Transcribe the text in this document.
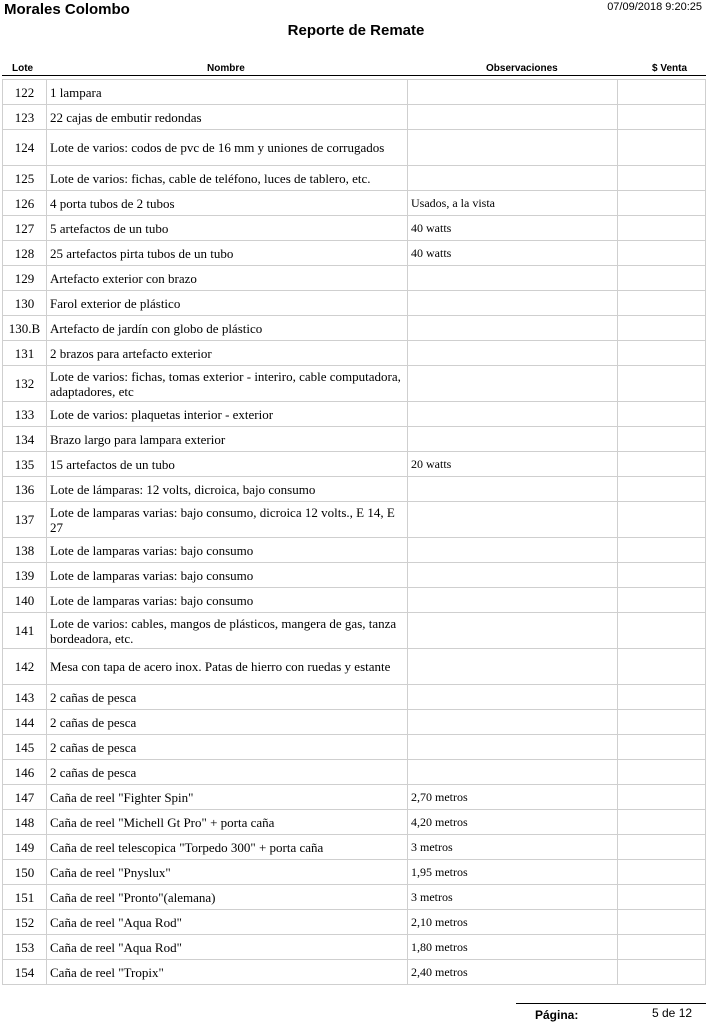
Morales Colombo	07/09/2018 9:20:25
Reporte de Remate
Lote	Nombre	Observaciones	$ Venta
122	1 lampara		
123	22 cajas de embutir redondas		
124	Lote de varios: codos de pvc de 16 mm y uniones de corrugados		
125	Lote de varios: fichas, cable de teléfono, luces de tablero, etc.		
126	4 porta tubos de 2 tubos	Usados, a la vista	
127	5 artefactos de un tubo	40 watts	
128	25 artefactos pirta tubos de un tubo	40 watts	
129	Artefacto exterior con brazo		
130	Farol exterior de plástico		
130.B	Artefacto de jardín con globo de plástico		
131	2 brazos para artefacto exterior		
132	Lote de varios: fichas, tomas exterior - interiro, cable computadora, adaptadores, etc		
133	Lote de varios: plaquetas interior - exterior		
134	Brazo largo para lampara exterior		
135	15 artefactos de un tubo	20 watts	
136	Lote de lámparas: 12 volts, dicroica, bajo consumo		
137	Lote de lamparas varias: bajo consumo, dicroica 12 volts., E 14, E 27		
138	Lote de lamparas varias: bajo consumo		
139	Lote de lamparas varias: bajo consumo		
140	Lote de lamparas varias: bajo consumo		
141	Lote de varios: cables, mangos de plásticos, mangera de gas, tanza bordeadora, etc.		
142	Mesa con tapa de acero inox. Patas de hierro con ruedas y estante		
143	2 cañas de pesca		
144	2 cañas de pesca		
145	2 cañas de pesca		
146	2 cañas de pesca		
147	Caña de reel "Fighter Spin"	2,70 metros	
148	Caña de reel "Michell Gt Pro" + porta caña	4,20 metros	
149	Caña de reel telescopica "Torpedo 300" + porta caña	3 metros	
150	Caña de reel "Pnyslux"	1,95 metros	
151	Caña de reel "Pronto"(alemana)	3 metros	
152	Caña de reel "Aqua Rod"	2,10 metros	
153	Caña de reel "Aqua Rod"	1,80 metros	
154	Caña de reel "Tropix"	2,40 metros	
Página:	5 de 12
